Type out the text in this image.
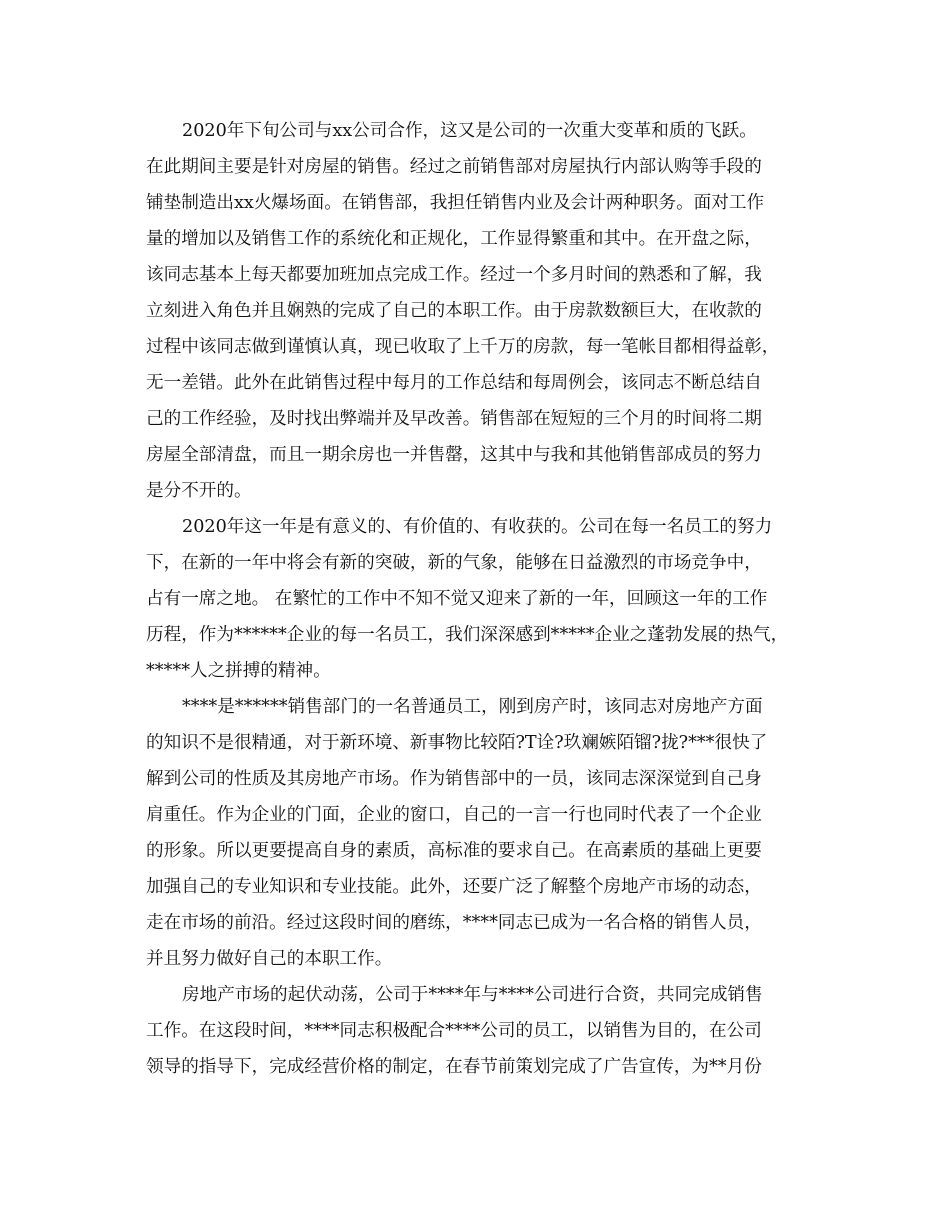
2020年下旬公司与xx公司合作，这又是公司的一次重大变革和质的飞跃。
在此期间主要是针对房屋的销售。经过之前销售部对房屋执行内部认购等手段的
铺垫制造出xx火爆场面。在销售部，我担任销售内业及会计两种职务。面对工作
量的增加以及销售工作的系统化和正规化，工作显得繁重和其中。在开盘之际，
该同志基本上每天都要加班加点完成工作。经过一个多月时间的熟悉和了解，我
立刻进入角色并且娴熟的完成了自己的本职工作。由于房款数额巨大，在收款的
过程中该同志做到谨慎认真，现已收取了上千万的房款，每一笔帐目都相得益彰，
无一差错。此外在此销售过程中每月的工作总结和每周例会，该同志不断总结自
己的工作经验，及时找出弊端并及早改善。销售部在短短的三个月的时间将二期
房屋全部清盘，而且一期余房也一并售罄，这其中与我和其他销售部成员的努力
是分不开的。
2020年这一年是有意义的、有价值的、有收获的。公司在每一名员工的努力
下，在新的一年中将会有新的突破，新的气象，能够在日益激烈的市场竞争中，
占有一席之地。 在繁忙的工作中不知不觉又迎来了新的一年，回顾这一年的工作
历程，作为******企业的每一名员工，我们深深感到*****企业之蓬勃发展的热气，
*****人之拼搏的精神。
****是******销售部门的一名普通员工，刚到房产时，该同志对房地产方面
的知识不是很精通，对于新环境、新事物比较陌?T诠?玖斓嫉陌镏?拢?***很快了
解到公司的性质及其房地产市场。作为销售部中的一员，该同志深深觉到自己身
肩重任。作为企业的门面，企业的窗口，自己的一言一行也同时代表了一个企业
的形象。所以更要提高自身的素质，高标准的要求自己。在高素质的基础上更要
加强自己的专业知识和专业技能。此外，还要广泛了解整个房地产市场的动态，
走在市场的前沿。经过这段时间的磨练，****同志已成为一名合格的销售人员，
并且努力做好自己的本职工作。
房地产市场的起伏动荡，公司于****年与****公司进行合资，共同完成销售
工作。在这段时间，****同志积极配合****公司的员工，以销售为目的，在公司
领导的指导下，完成经营价格的制定，在春节前策划完成了广告宣传，为**月份
